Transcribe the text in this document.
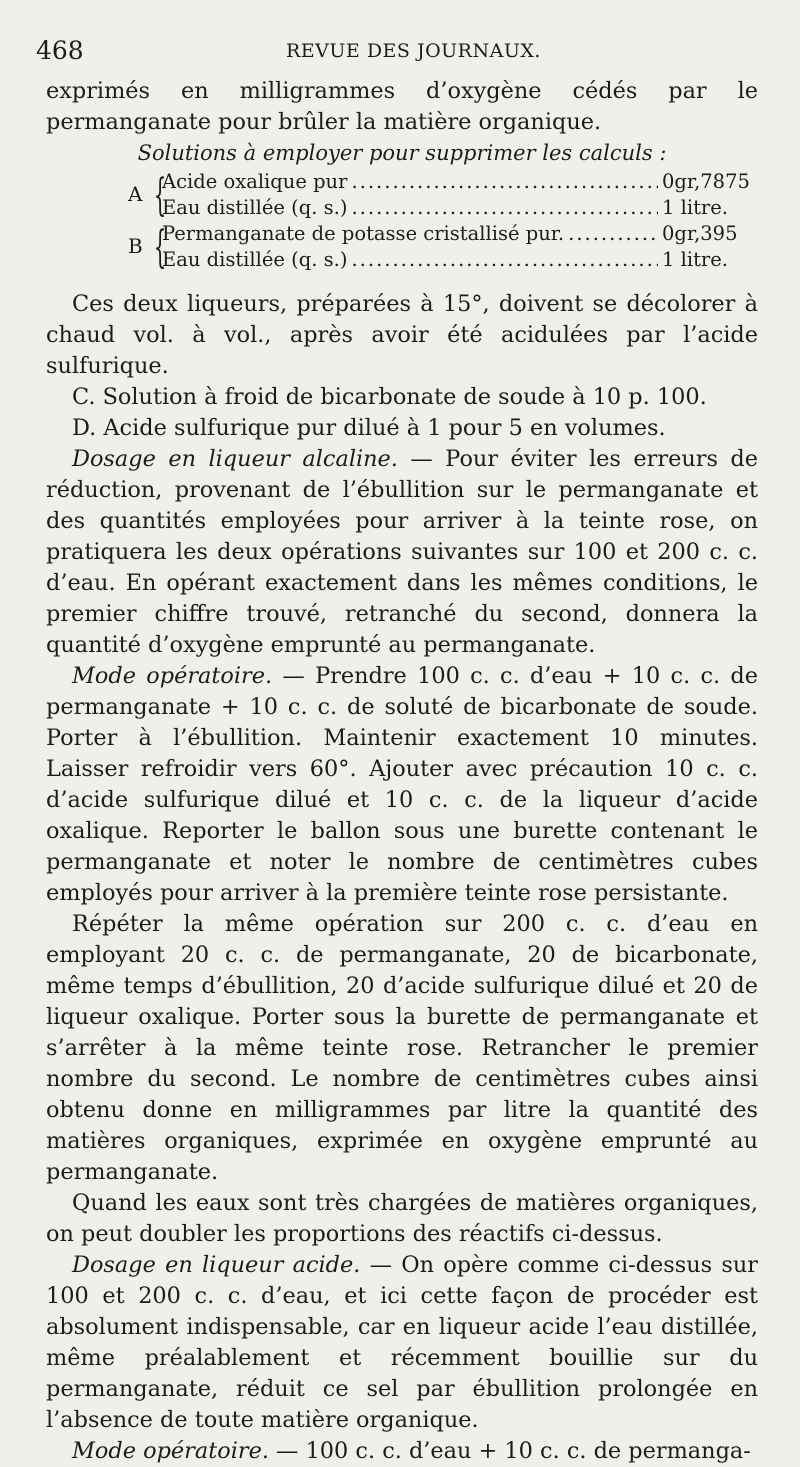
468	REVUE DES JOURNAUX.

exprimés en milligrammes d’oxygène cédés par le permanganate pour brûler la matière organique.

Solutions à employer pour supprimer les calculs :

A {
Acide oxalique pur .....	0gr,7875
Eau distillée (q. s.) .....	1 litre.
B {
Permanganate de potasse cristallisé pur. .....	0gr,395
Eau distillée (q. s.) .....	1 litre.

Ces deux liqueurs, préparées à 15°, doivent se décolorer à chaud vol. à vol., après avoir été acidulées par l’acide sulfurique.

C. Solution à froid de bicarbonate de soude à 10 p. 100.

D. Acide sulfurique pur dilué à 1 pour 5 en volumes.

Dosage en liqueur alcaline. — Pour éviter les erreurs de réduction, provenant de l’ébullition sur le permanganate et des quantités employées pour arriver à la teinte rose, on pratiquera les deux opérations suivantes sur 100 et 200 c. c. d’eau. En opérant exactement dans les mêmes conditions, le premier chiffre trouvé, retranché du second, donnera la quantité d’oxygène emprunté au permanganate.

Mode opératoire. — Prendre 100 c. c. d’eau + 10 c. c. de permanganate + 10 c. c. de soluté de bicarbonate de soude. Porter à l’ébullition. Maintenir exactement 10 minutes. Laisser refroidir vers 60°. Ajouter avec précaution 10 c. c. d’acide sulfurique dilué et 10 c. c. de la liqueur d’acide oxalique. Reporter le ballon sous une burette contenant le permanganate et noter le nombre de centimètres cubes employés pour arriver à la première teinte rose persistante.

Répéter la même opération sur 200 c. c. d’eau en employant 20 c. c. de permanganate, 20 de bicarbonate, même temps d’ébullition, 20 d’acide sulfurique dilué et 20 de liqueur oxalique. Porter sous la burette de permanganate et s’arrêter à la même teinte rose. Retrancher le premier nombre du second. Le nombre de centimètres cubes ainsi obtenu donne en milligrammes par litre la quantité des matières organiques, exprimée en oxygène emprunté au permanganate.

Quand les eaux sont très chargées de matières organiques, on peut doubler les proportions des réactifs ci-dessus.

Dosage en liqueur acide. — On opère comme ci-dessus sur 100 et 200 c. c. d’eau, et ici cette façon de procéder est absolument indispensable, car en liqueur acide l’eau distillée, même préalablement et récemment bouillie sur du permanganate, réduit ce sel par ébullition prolongée en l’absence de toute matière organique.

Mode opératoire. — 100 c. c. d’eau + 10 c. c. de permanga-
